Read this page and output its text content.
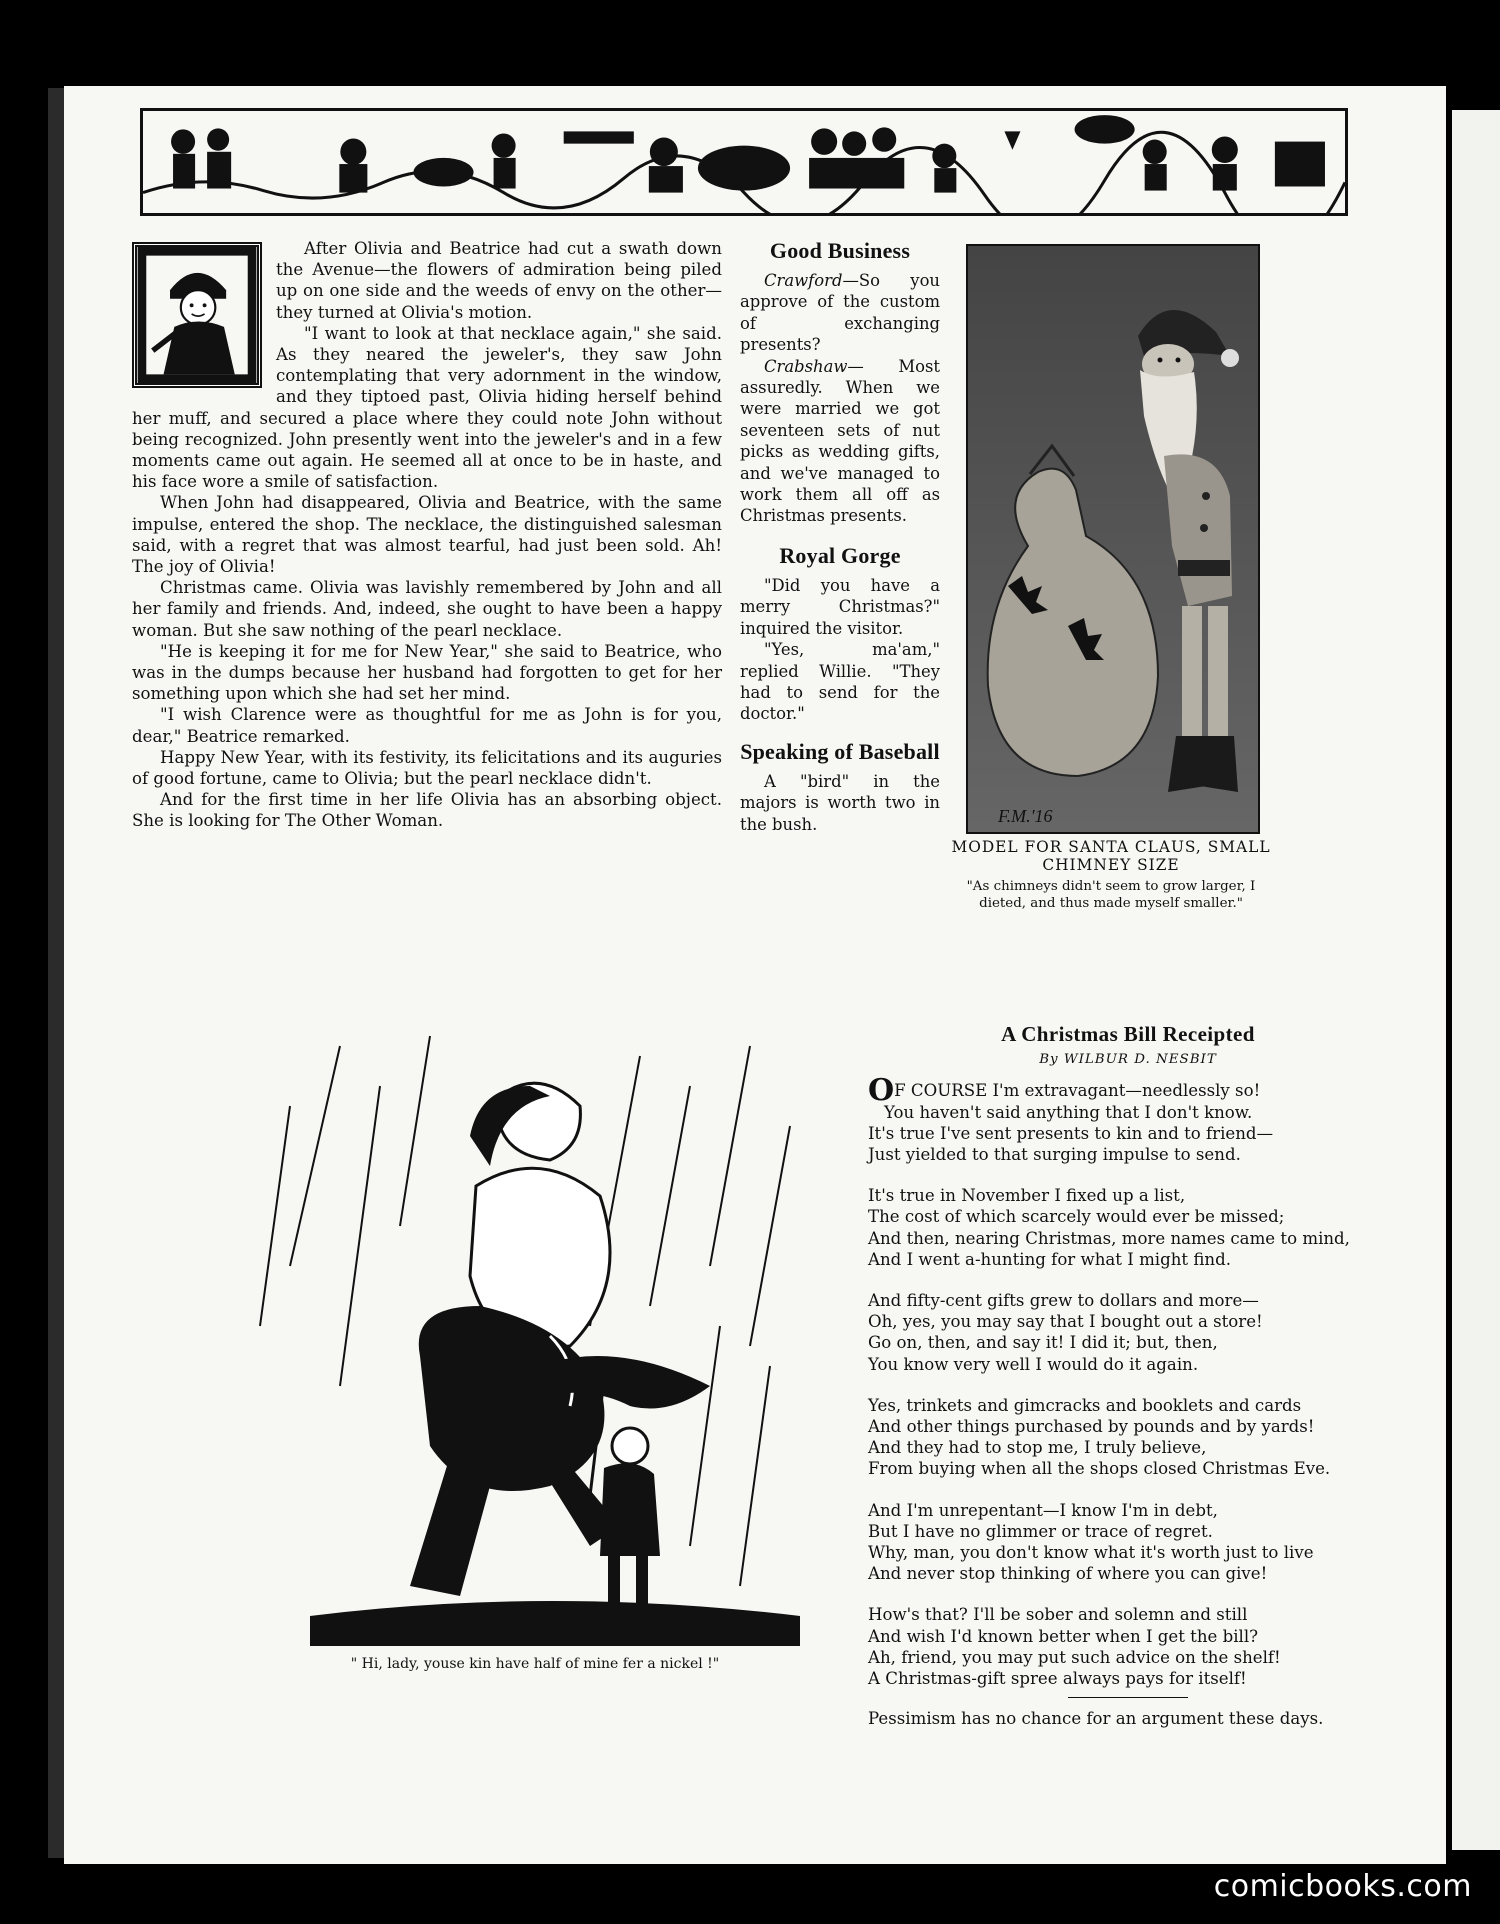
After Olivia and Beatrice had cut a swath down the Avenue—the flowers of admiration being piled up on one side and the weeds of envy on the other—they turned at Olivia's motion.

"I want to look at that necklace again," she said. As they neared the jeweler's, they saw John contemplating that very adornment in the window, and they tiptoed past, Olivia hiding herself behind her muff, and secured a place where they could note John without being recognized. John presently went into the jeweler's and in a few moments came out again. He seemed all at once to be in haste, and his face wore a smile of satisfaction.

When John had disappeared, Olivia and Beatrice, with the same impulse, entered the shop. The necklace, the distinguished salesman said, with a regret that was almost tearful, had just been sold. Ah! The joy of Olivia!

Christmas came. Olivia was lavishly remembered by John and all her family and friends. And, indeed, she ought to have been a happy woman. But she saw nothing of the pearl necklace.

"He is keeping it for me for New Year," she said to Beatrice, who was in the dumps because her husband had forgotten to get for her something upon which she had set her mind.

"I wish Clarence were as thoughtful for me as John is for you, dear," Beatrice remarked.

Happy New Year, with its festivity, its felicitations and its auguries of good fortune, came to Olivia; but the pearl necklace didn't.

And for the first time in her life Olivia has an absorbing object. She is looking for The Other Woman.

Good Business

Crawford—So you approve of the custom of exchanging presents?

Crabshaw— Most assuredly. When we were married we got seventeen sets of nut picks as wedding gifts, and we've managed to work them all off as Christmas presents.

Royal Gorge

"Did you have a merry Christmas?" inquired the visitor.

"Yes, ma'am," replied Willie. "They had to send for the doctor."

Speaking of Baseball

A "bird" in the majors is worth two in the bush.	F.M.'16
MODEL FOR SANTA CLAUS, SMALL CHIMNEY SIZE
"As chimneys didn't seem to grow larger, I dieted, and thus made myself smaller."
" Hi, lady, youse kin have half of mine fer a nickel !"
A Christmas Bill Receipted
By WILBUR D. NESBIT
OF COURSE I'm extravagant—needlessly so!
You haven't said anything that I don't know.
It's true I've sent presents to kin and to friend—
Just yielded to that surging impulse to send.
It's true in November I fixed up a list,
The cost of which scarcely would ever be missed;
And then, nearing Christmas, more names came to mind,
And I went a-hunting for what I might find.
And fifty-cent gifts grew to dollars and more—
Oh, yes, you may say that I bought out a store!
Go on, then, and say it! I did it; but, then,
You know very well I would do it again.
Yes, trinkets and gimcracks and booklets and cards
And other things purchased by pounds and by yards!
And they had to stop me, I truly believe,
From buying when all the shops closed Christmas Eve.
And I'm unrepentant—I know I'm in debt,
But I have no glimmer or trace of regret.
Why, man, you don't know what it's worth just to live
And never stop thinking of where you can give!
How's that? I'll be sober and solemn and still
And wish I'd known better when I get the bill?
Ah, friend, you may put such advice on the shelf!
A Christmas-gift spree always pays for itself!
Pessimism has no chance for an argument these days.
comicbooks.com
